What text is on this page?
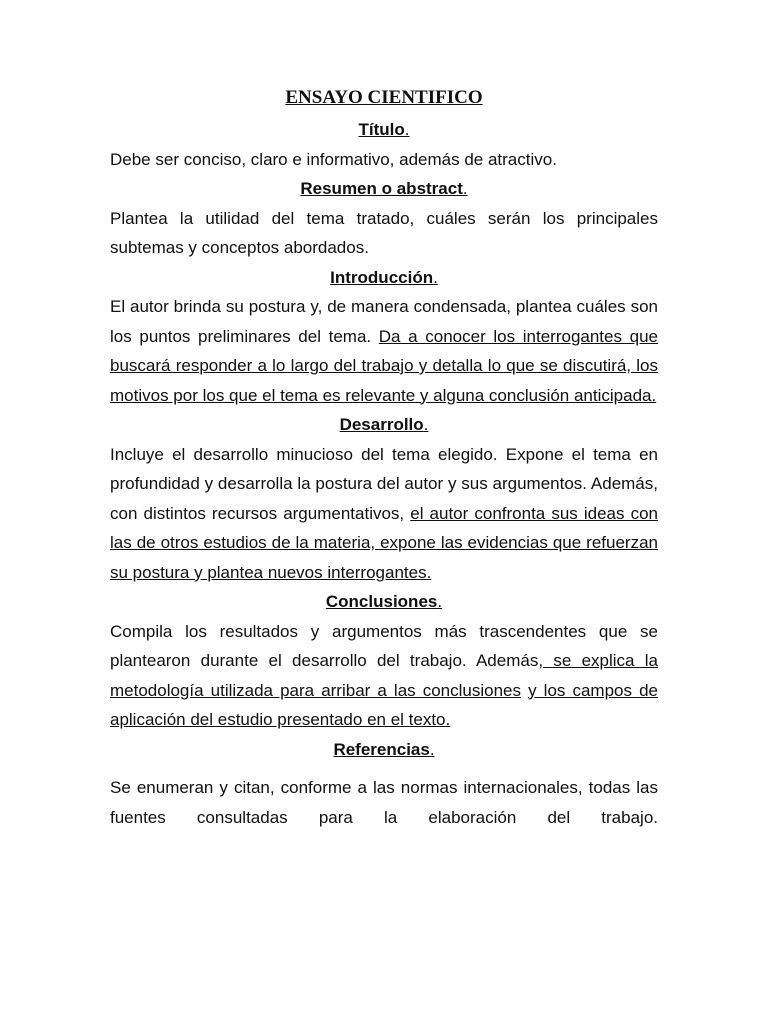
ENSAYO CIENTIFICO
Título.

Debe ser conciso, claro e informativo, además de atractivo.

Resumen o abstract.

Plantea la utilidad del tema tratado, cuáles serán los principales subtemas y conceptos abordados.

Introducción.

El autor brinda su postura y, de manera condensada, plantea cuáles son los puntos preliminares del tema. Da a conocer los interrogantes que buscará responder a lo largo del trabajo y detalla lo que se discutirá, los motivos por los que el tema es relevante y alguna conclusión anticipada.

Desarrollo.

Incluye el desarrollo minucioso del tema elegido. Expone el tema en profundidad y desarrolla la postura del autor y sus argumentos. Además, con distintos recursos argumentativos, el autor confronta sus ideas con las de otros estudios de la materia, expone las evidencias que refuerzan su postura y plantea nuevos interrogantes.

Conclusiones.

Compila los resultados y argumentos más trascendentes que se plantearon durante el desarrollo del trabajo. Además, se explica la metodología utilizada para arribar a las conclusiones y los campos de aplicación del estudio presentado en el texto.

Referencias.

Se enumeran y citan, conforme a las normas internacionales, todas las fuentes consultadas para la elaboración del trabajo.
